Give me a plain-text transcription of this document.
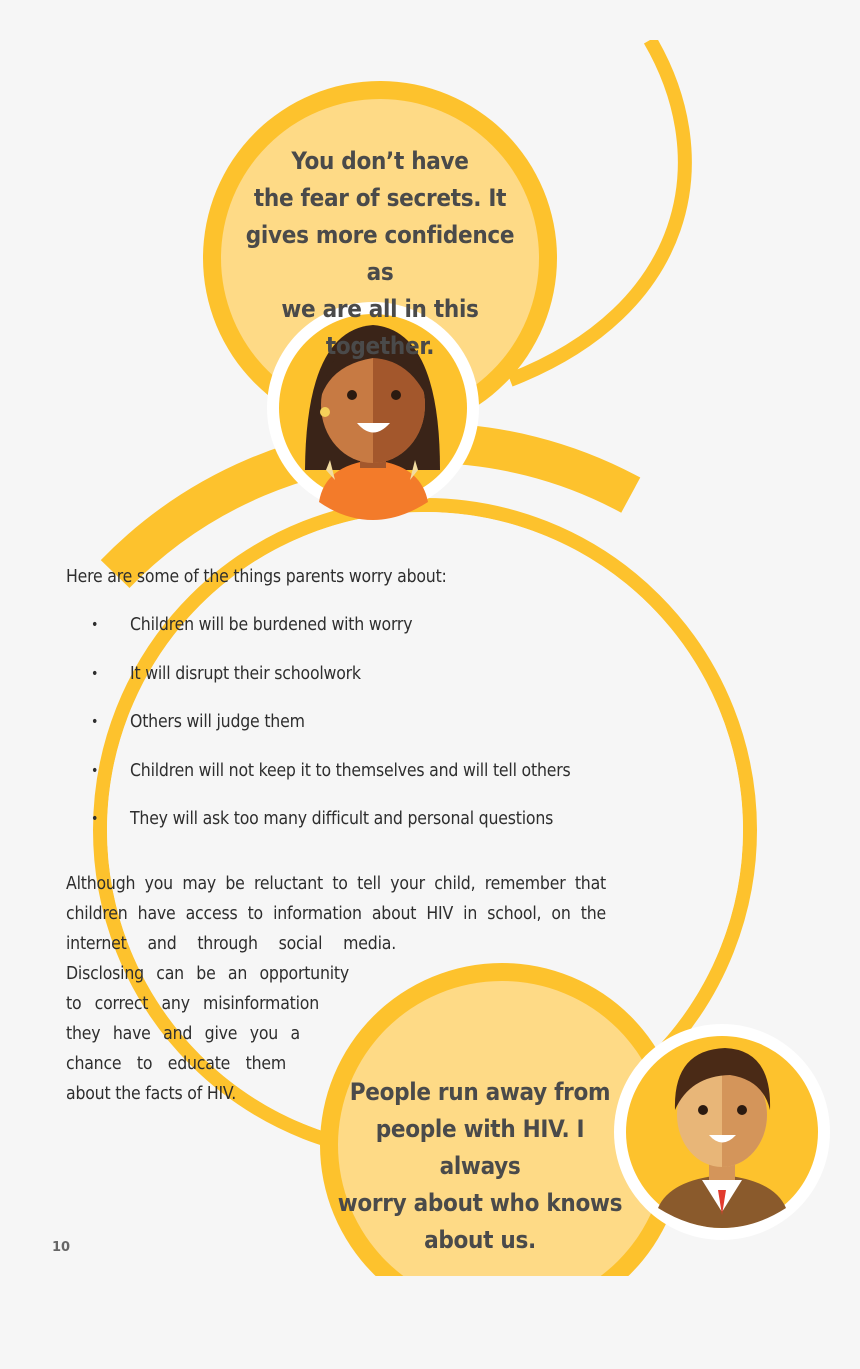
You don’t have
the fear of secrets. It
gives more confidence as
we are all in this together.
Here are some of the things parents worry about:
• Children will be burdened with worry
• It will disrupt their schoolwork
• Others will judge them
• Children will not keep it to themselves and will tell others
• They will ask too many difficult and personal questions
Although you may be reluctant to tell your child, remember that
children have access to information about HIV in school, on the
internet and through social media.
Disclosing can be an opportunity
to correct any misinformation
they have and give you a
chance to educate them
about the facts of HIV.	People run away from
people with HIV. I always
worry about who knows
about us.
10
